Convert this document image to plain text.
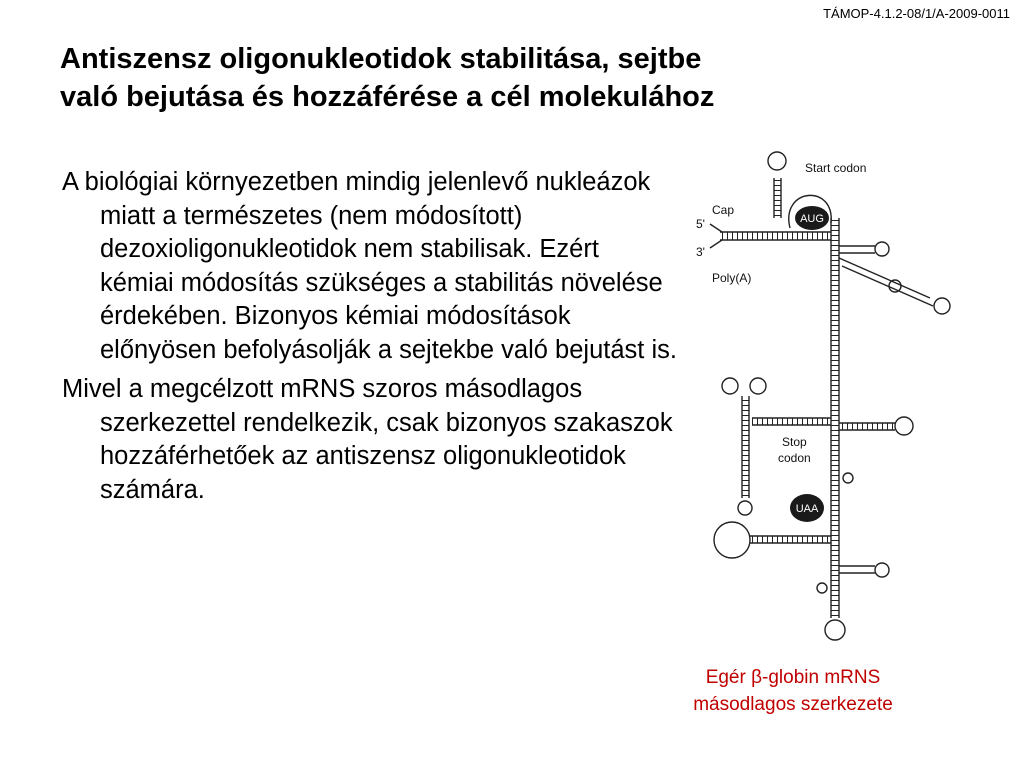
TÁMOP-4.1.2-08/1/A-2009-0011
Antiszensz oligonukleotidok stabilitása, sejtbe
való bejutása és hozzáférése a cél molekulához

A biológiai környezetben mindig jelenlevő nukleázok miatt a természetes (nem módosított) dezoxioligonukleotidok nem stabilisak. Ezért kémiai módosítás szükséges a stabilitás növelése érdekében. Bizonyos kémiai módosítások előnyösen befolyásolják a sejtekbe való bejutást is.

Mivel a megcélzott mRNS szoros másodlagos szerkezettel rendelkezik, csak bizonyos szakaszok hozzáférhetőek az antiszensz oligonukleotidok számára.

AUG
UAA
Start codon
Cap
5'
3'
Poly(A)
Stop
codon
Egér β-globin mRNS
másodlagos szerkezete
